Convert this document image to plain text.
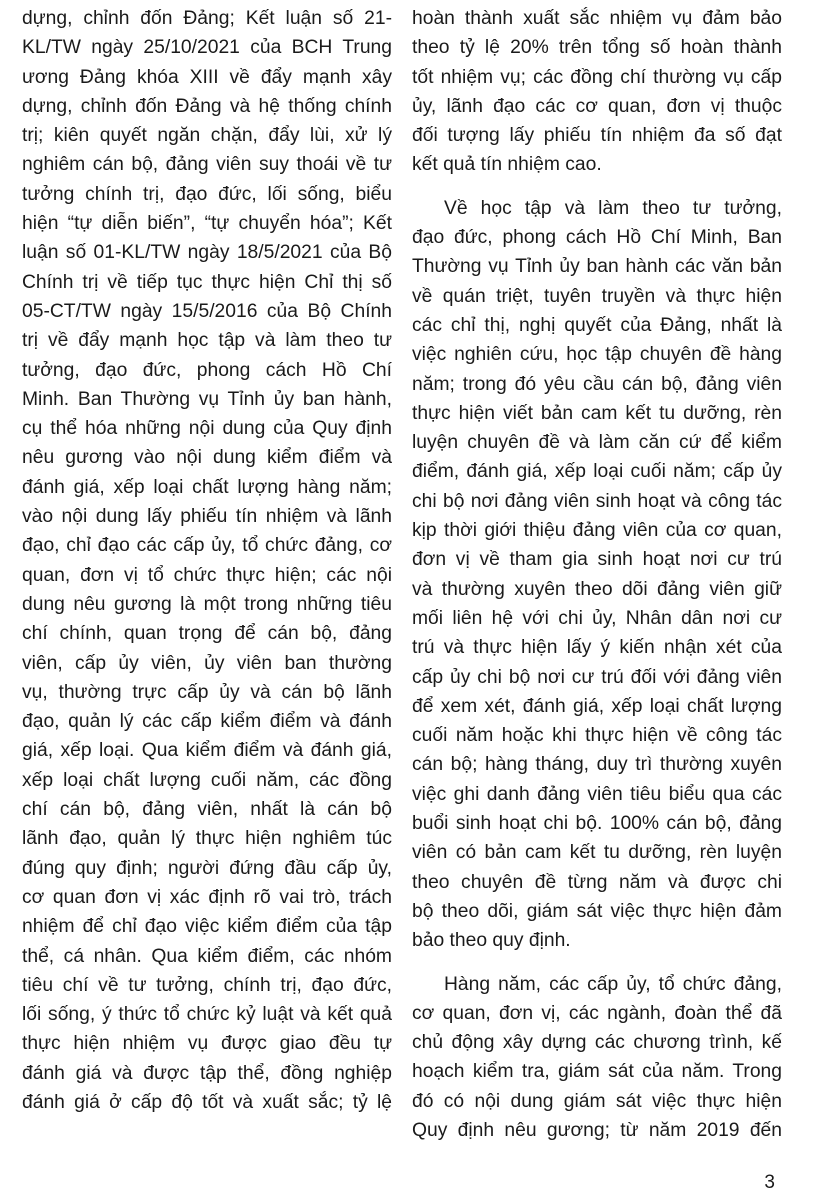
dựng, chỉnh đốn Đảng; Kết luận số 21-
KL/TW ngày 25/10/2021 của BCH Trung
ương Đảng khóa XIII về đẩy mạnh xây
dựng, chỉnh đốn Đảng và hệ thống chính
trị; kiên quyết ngăn chặn, đẩy lùi, xử lý
nghiêm cán bộ, đảng viên suy thoái về tư
tưởng chính trị, đạo đức, lối sống, biểu
hiện “tự diễn biến”, “tự chuyển hóa”; Kết
luận số 01-KL/TW ngày 18/5/2021 của Bộ
Chính trị về tiếp tục thực hiện Chỉ thị số
05-CT/TW ngày 15/5/2016 của Bộ Chính
trị về đẩy mạnh học tập và làm theo tư
tưởng, đạo đức, phong cách Hồ Chí
Minh. Ban Thường vụ Tỉnh ủy ban hành,
cụ thể hóa những nội dung của Quy định
nêu gương vào nội dung kiểm điểm và
đánh giá, xếp loại chất lượng hàng năm;
vào nội dung lấy phiếu tín nhiệm và lãnh
đạo, chỉ đạo các cấp ủy, tổ chức đảng, cơ
quan, đơn vị tổ chức thực hiện; các nội
dung nêu gương là một trong những tiêu
chí chính, quan trọng để cán bộ, đảng
viên, cấp ủy viên, ủy viên ban thường
vụ, thường trực cấp ủy và cán bộ lãnh
đạo, quản lý các cấp kiểm điểm và đánh
giá, xếp loại. Qua kiểm điểm và đánh giá,
xếp loại chất lượng cuối năm, các đồng
chí cán bộ, đảng viên, nhất là cán bộ
lãnh đạo, quản lý thực hiện nghiêm túc
đúng quy định; người đứng đầu cấp ủy,
cơ quan đơn vị xác định rõ vai trò, trách
nhiệm để chỉ đạo việc kiểm điểm của tập
thể, cá nhân. Qua kiểm điểm, các nhóm
tiêu chí về tư tưởng, chính trị, đạo đức,
lối sống, ý thức tổ chức kỷ luật và kết quả
thực hiện nhiệm vụ được giao đều tự
đánh giá và được tập thể, đồng nghiệp
đánh giá ở cấp độ tốt và xuất sắc; tỷ lệ
hoàn thành xuất sắc nhiệm vụ đảm bảo
theo tỷ lệ 20% trên tổng số hoàn thành
tốt nhiệm vụ; các đồng chí thường vụ cấp
ủy, lãnh đạo các cơ quan, đơn vị thuộc
đối tượng lấy phiếu tín nhiệm đa số đạt
kết quả tín nhiệm cao.
Về học tập và làm theo tư tưởng,
đạo đức, phong cách Hồ Chí Minh, Ban
Thường vụ Tỉnh ủy ban hành các văn bản
về quán triệt, tuyên truyền và thực hiện
các chỉ thị, nghị quyết của Đảng, nhất là
việc nghiên cứu, học tập chuyên đề hàng
năm; trong đó yêu cầu cán bộ, đảng viên
thực hiện viết bản cam kết tu dưỡng, rèn
luyện chuyên đề và làm căn cứ để kiểm
điểm, đánh giá, xếp loại cuối năm; cấp ủy
chi bộ nơi đảng viên sinh hoạt và công tác
kịp thời giới thiệu đảng viên của cơ quan,
đơn vị về tham gia sinh hoạt nơi cư trú
và thường xuyên theo dõi đảng viên giữ
mối liên hệ với chi ủy, Nhân dân nơi cư
trú và thực hiện lấy ý kiến nhận xét của
cấp ủy chi bộ nơi cư trú đối với đảng viên
để xem xét, đánh giá, xếp loại chất lượng
cuối năm hoặc khi thực hiện về công tác
cán bộ; hàng tháng, duy trì thường xuyên
việc ghi danh đảng viên tiêu biểu qua các
buổi sinh hoạt chi bộ. 100% cán bộ, đảng
viên có bản cam kết tu dưỡng, rèn luyện
theo chuyên đề từng năm và được chi
bộ theo dõi, giám sát việc thực hiện đảm
bảo theo quy định.
Hàng năm, các cấp ủy, tổ chức đảng,
cơ quan, đơn vị, các ngành, đoàn thể đã
chủ động xây dựng các chương trình, kế
hoạch kiểm tra, giám sát của năm. Trong
đó có nội dung giám sát việc thực hiện
Quy định nêu gương; từ năm 2019 đến
3
